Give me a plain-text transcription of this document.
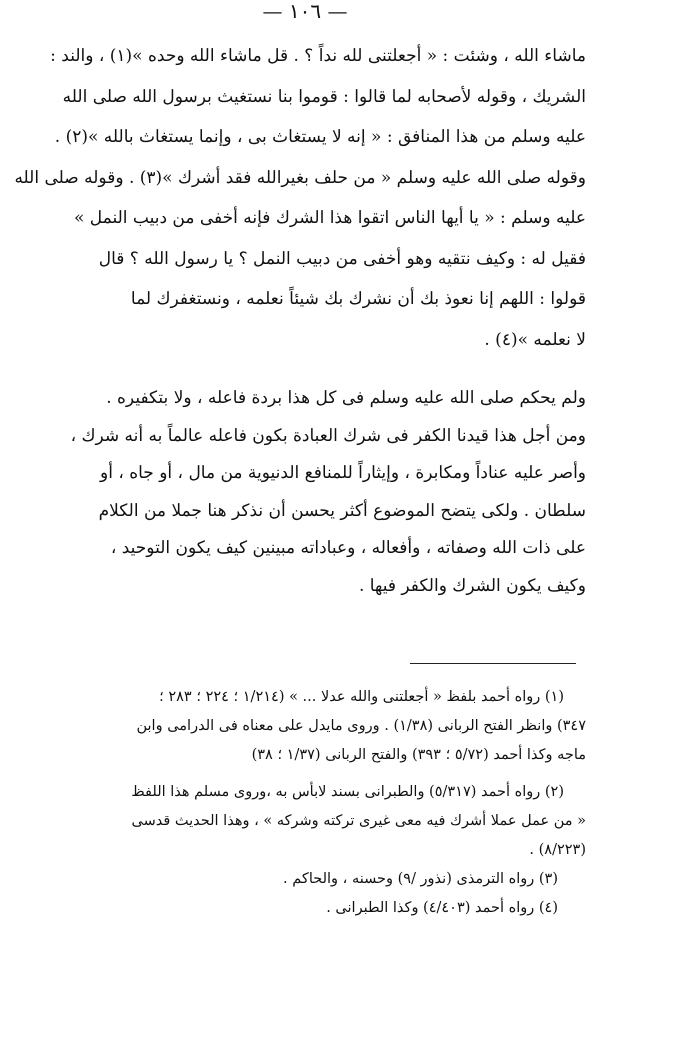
— ١٠٦ —
ماشاء الله ، وشئت : « أجعلتنى لله نداً ؟ . قل ماشاء الله وحده »(١) ، والند :
الشريك ، وقوله لأصحابه لما قالوا : قوموا بنا نستغيث برسول الله صلى الله
عليه وسلم من هذا المنافق : « إنه لا يستغاث بى ، وإنما يستغاث بالله »(٢) .
وقوله صلى الله عليه وسلم « من حلف بغيرالله فقد أشرك »(٣) . وقوله صلى الله
عليه وسلم : « يا أيها الناس اتقوا هذا الشرك فإنه أخفى من دبيب النمل »
فقيل له : وكيف نتقيه وهو أخفى من دبيب النمل ؟ يا رسول الله ؟ قال
قولوا : اللهم إنا نعوذ بك أن نشرك بك شيئاً نعلمه ، ونستغفرك لما
لا نعلمه »(٤) .
ولم يحكم صلى الله عليه وسلم فى كل هذا بردة فاعله ، ولا بتكفيره .
ومن أجل هذا قيدنا الكفر فى شرك العبادة بكون فاعله عالماً به أنه شرك ،
وأصر عليه عناداً ومكابرة ، وإيثاراً للمنافع الدنيوية من مال ، أو جاه ، أو
سلطان . ولكى يتضح الموضوع أكثر يحسن أن نذكر هنا جملا من الكلام
على ذات الله وصفاته ، وأفعاله ، وعباداته مبينين كيف يكون التوحيد ،
وكيف يكون الشرك والكفر فيها .
(١) رواه أحمد بلفظ « أجعلتنى والله عدلا ... » (١/٢١٤ ؛ ٢٢٤ ؛ ٢٨٣ ؛
٣٤٧) وانظر الفتح الربانى (١/٣٨) . وروى مايدل على معناه فى الدرامى وابن
ماجه وكذا أحمد (٥/٧٢ ؛ ٣٩٣) والفتح الربانى (١/٣٧ ؛ ٣٨)
(٢) رواه أحمد (٥/٣١٧) والطبرانى بسند لابأس به ،وروى مسلم هذا اللفظ
« من عمل عملا أشرك فيه معى غيرى تركته وشركه » ، وهذا الحديث قدسى
(٨/٢٢٣) .
(٣) رواه الترمذى (نذور /٩) وحسنه ، والحاكم .
(٤) رواه أحمد (٤/٤٠٣) وكذا الطبرانى .
